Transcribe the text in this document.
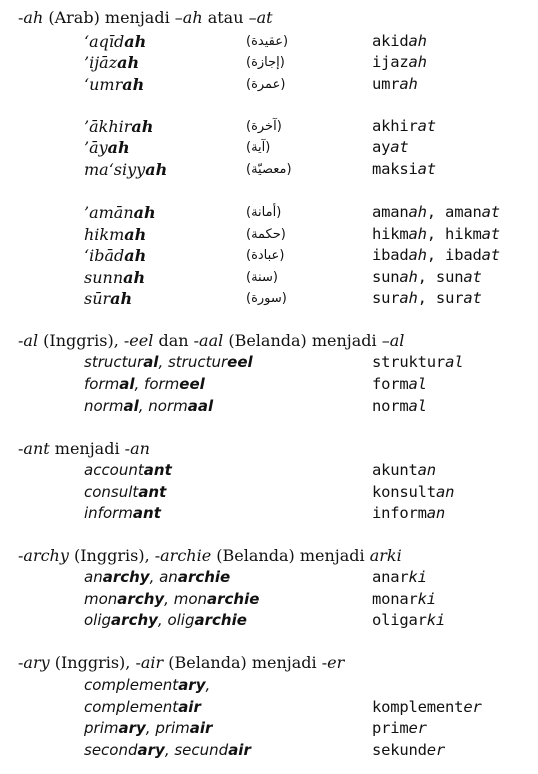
-ah (Arab) menjadi –ah atau –at
‘aqīdah	(عقيدة)	akidah
’ijāzah	(إجازة)	ijazah
‘umrah	(عمرة)	umrah
’ākhirah	(آخرة)	akhirat
’āyah	(آية)	ayat
ma‘siyyah	(معصيّة)	maksiat
’amānah	(أمانة)	amanah, amanat
hikmah	(حكمة)	hikmah, hikmat
‘ibādah	(عبادة)	ibadah, ibadat
sunnah	(سنة)	sunah, sunat
sūrah	(سورة)	surah, surat
-al (Inggris), -eel dan -aal (Belanda) menjadi –al
structural, structureel	struktural
formal, formeel	formal
normal, normaal	normal
-ant menjadi -an
accountant	akuntan
consultant	konsultan
informant	informan
-archy (Inggris), -archie (Belanda) menjadi arki
anarchy, anarchie	anarki
monarchy, monarchie	monarki
oligarchy, oligarchie	oligarki
-ary (Inggris), -air (Belanda) menjadi -er
complementary,
complementair	komplementer
primary, primair	primer
secondary, secundair	sekunder
